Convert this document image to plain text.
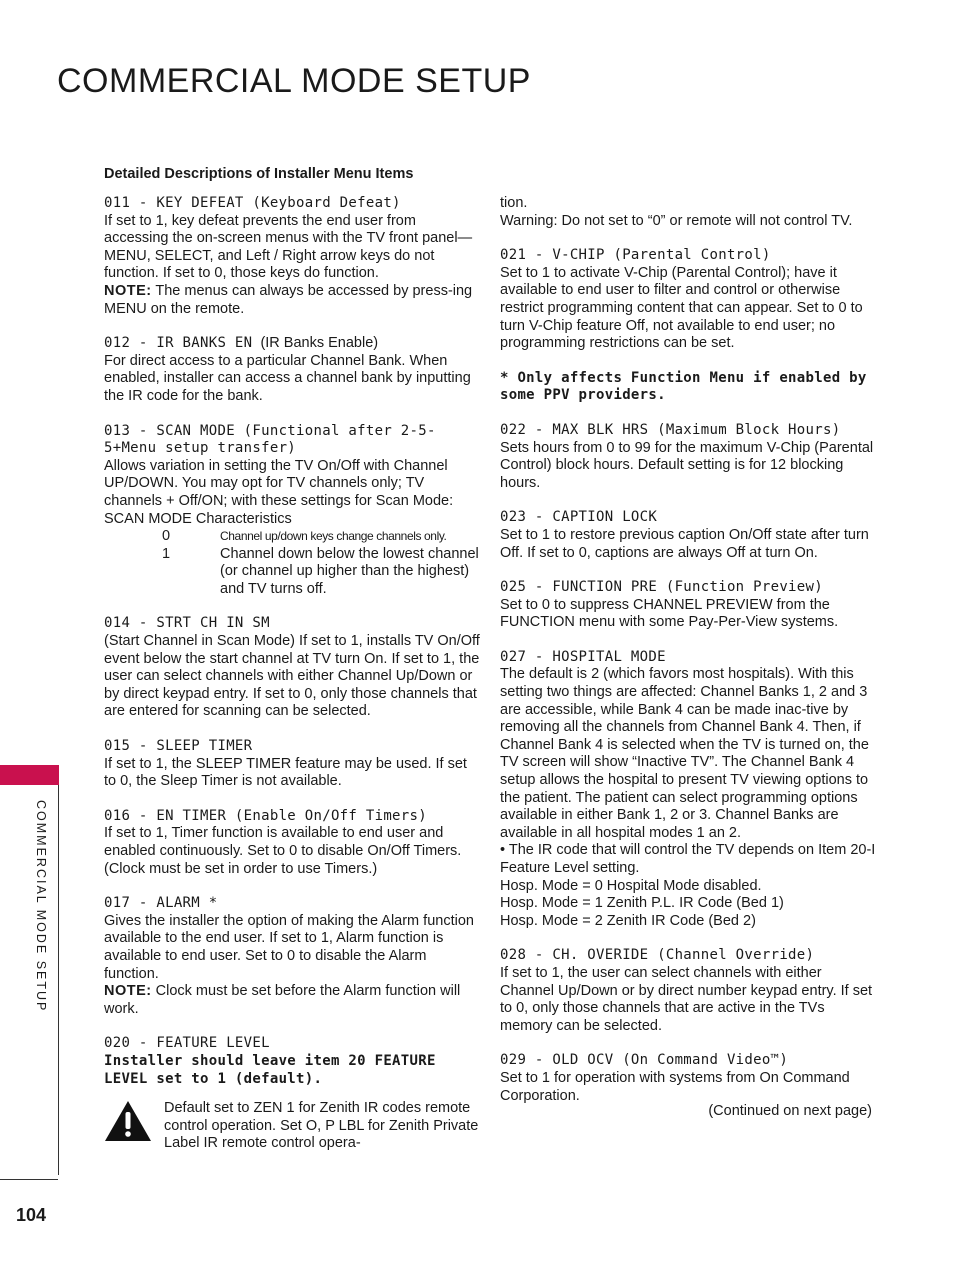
COMMERCIAL MODE SETUP
Detailed Descriptions of Installer Menu Items
011 - KEY DEFEAT (Keyboard Defeat)

If set to 1, key defeat prevents the end user from accessing the on-screen menus with the TV front panel—MENU, SELECT, and Left / Right arrow keys do not function. If set to 0, those keys do function.

NOTE: The menus can always be accessed by press-ing MENU on the remote.

012 - IR BANKS EN  (IR Banks Enable)

For direct access to a particular Channel Bank. When enabled, installer can access a channel bank by inputting the IR code for the bank.

013 - SCAN MODE (Functional after 2-5-5+Menu setup transfer)

Allows variation in setting the TV On/Off with Channel UP/DOWN. You may opt for TV channels only; TV channels + Off/ON; with these settings for Scan Mode: SCAN MODE Characteristics

0	Channel up/down keys change channels only.
1	Channel down below the lowest channel (or channel up higher than the highest) and TV turns off.
014 - STRT CH IN SM

(Start Channel in Scan Mode) If set to 1, installs TV On/Off event below the start channel at TV turn On. If set to 1, the user can select channels with either Channel Up/Down or by direct keypad entry. If set to 0, only those channels that are entered for scanning can be selected.

015 - SLEEP TIMER

If set to 1, the SLEEP TIMER feature may be used. If set to 0, the Sleep Timer is not available.

016 - EN TIMER (Enable On/Off Timers)

If set to 1, Timer function is available to end user and enabled continuously. Set to 0 to disable On/Off Timers. (Clock must be set in order to use Timers.)

017 - ALARM *

Gives the installer the option of making the Alarm function available to the end user. If set to 1, Alarm function is available to end user. Set to 0 to disable the Alarm function.

NOTE: Clock must be set before the Alarm function will work.

020 - FEATURE LEVEL
Installer should leave item 20 FEATURE LEVEL set to 1 (default).

Default set to ZEN 1 for Zenith IR codes remote control operation. Set O, P LBL for Zenith Private Label IR remote control opera-

tion.

Warning: Do not set to “0” or remote will not control TV.

021 - V-CHIP (Parental Control)

Set to 1 to activate V-Chip (Parental Control); have it available to end user to filter and control or otherwise restrict programming content that can appear. Set to 0 to turn V-Chip feature Off, not available to end user; no programming restrictions can be set.

* Only affects Function Menu if enabled by some PPV providers.
022 - MAX BLK HRS (Maximum Block Hours)

Sets hours from 0 to 99 for the maximum V-Chip (Parental Control) block hours. Default setting is for 12 blocking hours.

023 - CAPTION LOCK

Set to 1 to restore previous caption On/Off state after turn Off. If set to 0, captions are always Off at turn On.

025 - FUNCTION PRE (Function Preview)

Set to 0 to suppress CHANNEL PREVIEW from the FUNCTION menu with some Pay-Per-View systems.

027 - HOSPITAL MODE

The default is 2 (which favors most hospitals). With this setting two things are affected: Channel Banks 1, 2 and 3 are accessible, while Bank 4 can be made inac-tive by removing all the channels from Channel Bank 4. Then, if Channel Bank 4 is selected when the TV is turned on, the TV screen will show “Inactive TV”. The Channel Bank 4 setup allows the hospital to present TV viewing options to the patient. The patient can select programming options available in either Bank 1, 2 or 3. Channel Banks are available in all hospital modes 1 an 2.

• The IR code that will control the TV depends on Item 20-I Feature Level setting.

Hosp. Mode = 0 Hospital Mode disabled.

Hosp. Mode = 1 Zenith P.L. IR Code (Bed 1)

Hosp. Mode = 2 Zenith IR Code (Bed 2)

028 - CH. OVERIDE (Channel Override)

If set to 1, the user can select channels with either Channel Up/Down or by direct number keypad entry. If set to 0, only those channels that are active in the TVs memory can be selected.

029 - OLD OCV (On Command Video™)

Set to 1 for operation with systems from On Command Corporation.

(Continued on next page)

COMMERCIAL MODE SETUP
104
